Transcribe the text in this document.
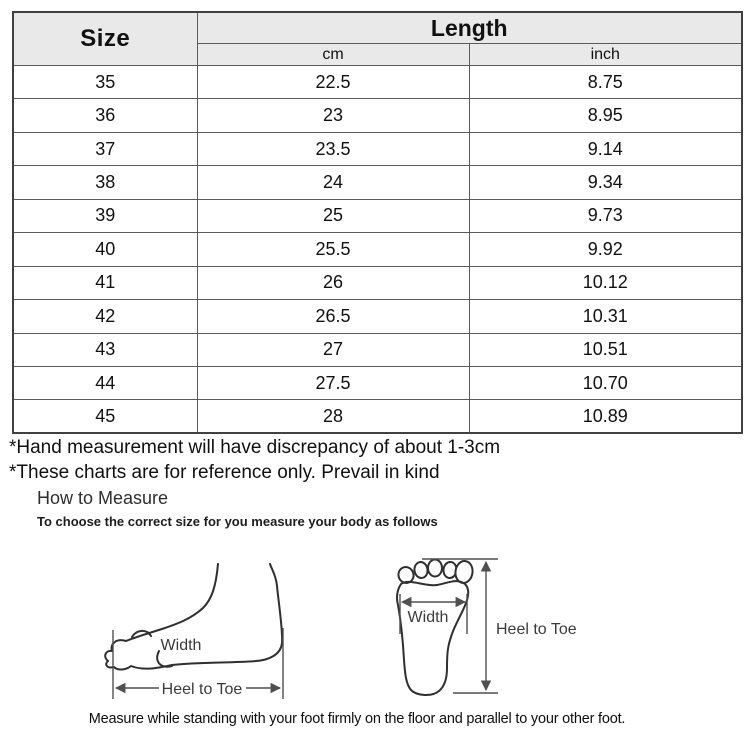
Size	Length	
	cm	inch
35	22.5	8.75
36	23	8.95
37	23.5	9.14
38	24	9.34
39	25	9.73
40	25.5	9.92
41	26	10.12
42	26.5	10.31
43	27	10.51
44	27.5	10.70
45	28	10.89
*Hand measurement will have discrepancy of about 1-3cm
*These charts are for reference only. Prevail in kind
How to Measure
To choose the correct size for you measure your body as follows
Width
Heel to Toe
Width
Heel to Toe
Measure while standing with your foot firmly on the floor and parallel to your other foot.
